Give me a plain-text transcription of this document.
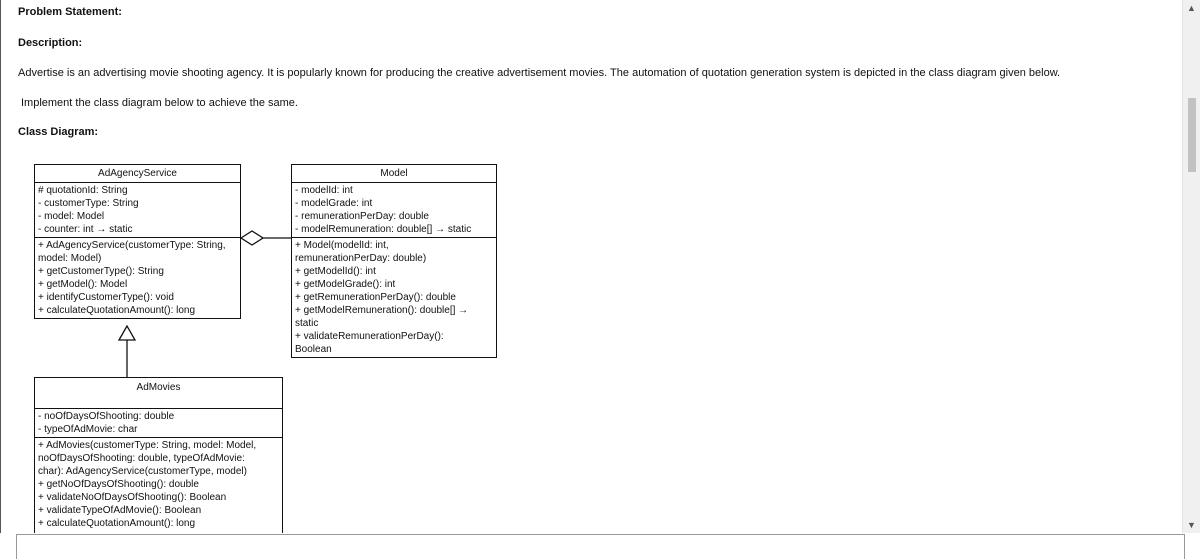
Problem Statement:
Description:
Advertise is an advertising movie shooting agency. It is popularly known for producing the creative advertisement movies. The automation of quotation generation system is depicted in the class diagram given below.
Implement the class diagram below to achieve the same.
Class Diagram:
AdAgencyService
# quotationId: String
- customerType: String
- model: Model
- counter: int → static
+ AdAgencyService(customerType: String,
model: Model)
+ getCustomerType(): String
+ getModel(): Model
+ identifyCustomerType(): void
+ calculateQuotationAmount(): long
Model
- modelId: int
- modelGrade: int
- remunerationPerDay: double
- modelRemuneration: double[] → static
+ Model(modelId: int,
remunerationPerDay: double)
+ getModelId(): int
+ getModelGrade(): int
+ getRemunerationPerDay(): double
+ getModelRemuneration(): double[] →
static
+ validateRemunerationPerDay():
Boolean
AdMovies
- noOfDaysOfShooting: double
- typeOfAdMovie: char
+ AdMovies(customerType: String, model: Model,
noOfDaysOfShooting: double, typeOfAdMovie:
char): AdAgencyService(customerType, model)
+ getNoOfDaysOfShooting(): double
+ validateNoOfDaysOfShooting(): Boolean
+ validateTypeOfAdMovie(): Boolean
+ calculateQuotationAmount(): long
▲
▼
